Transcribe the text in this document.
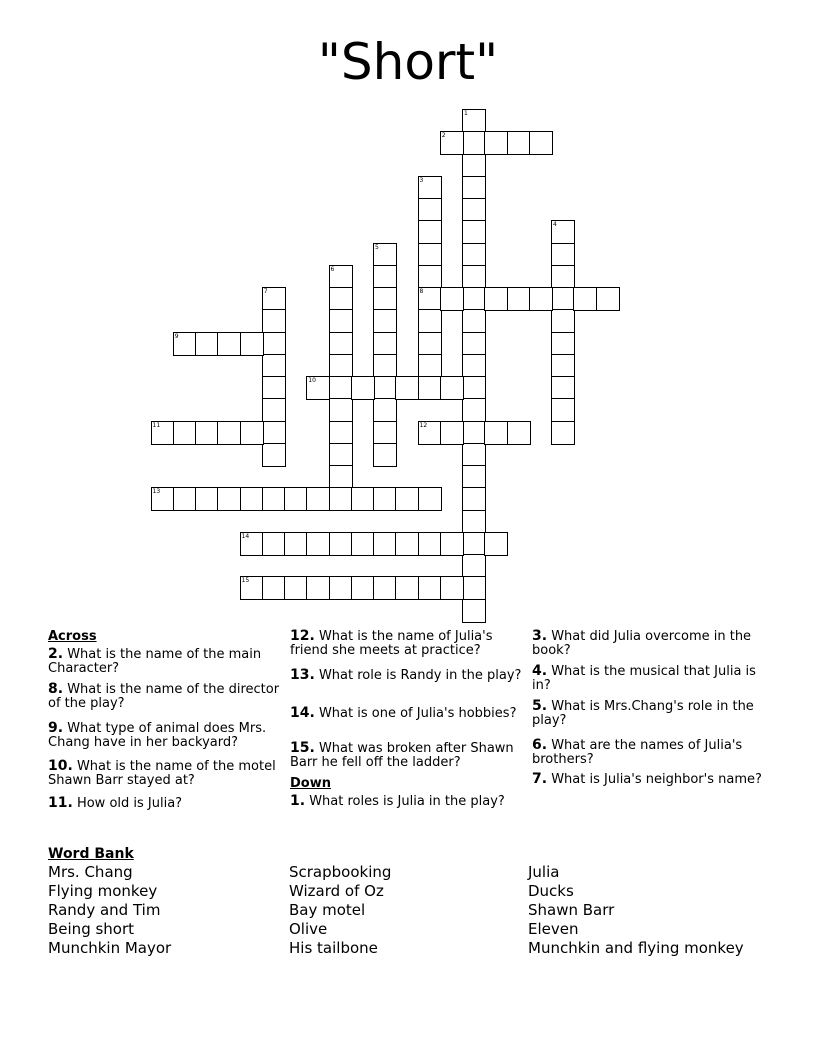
"Short"
1
2
3
8
4
5
6
7
9
10
11	12
13
14
15
Across
2. What is the name of the main Character?
8. What is the name of the director of the play?
9. What type of animal does Mrs. Chang have in her backyard?
10. What is the name of the motel Shawn Barr stayed at?
11. How old is Julia?
12. What is the name of Julia's friend she meets at practice?
13. What role is Randy in the play?
14. What is one of Julia's hobbies?
15. What was broken after Shawn Barr he fell off the ladder?
Down
1. What roles is Julia in the play?
3. What did Julia overcome in the book?
4. What is the musical that Julia is in?
5. What is Mrs.Chang's role in the play?
6. What are the names of Julia's brothers?
7. What is Julia's neighbor's name?
Word Bank
Mrs. Chang
Flying monkey
Randy and Tim
Being short
Munchkin Mayor
Scrapbooking
Wizard of Oz
Bay motel
Olive
His tailbone
Julia
Ducks
Shawn Barr
Eleven
Munchkin and flying monkey
